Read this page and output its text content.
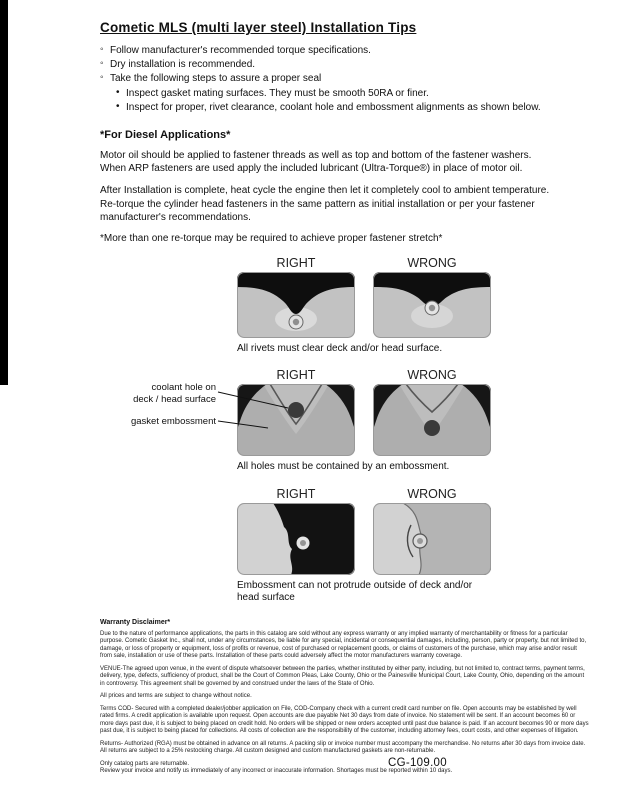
Cometic MLS (multi layer steel) Installation Tips
◦ Follow manufacturer's recommended torque specifications.
◦ Dry installation is recommended.
◦ Take the following steps to assure a proper seal
• Inspect gasket mating surfaces. They must be smooth 50RA or finer.
• Inspect for proper, rivet clearance, coolant hole and embossment alignments as shown below.
*For Diesel Applications*
Motor oil should be applied to fastener threads as well as top and bottom of the fastener washers. When ARP fasteners are used apply the included lubricant (Ultra-Torque®) in place of motor oil.
After Installation is complete, heat cycle the engine then let it completely cool to ambient temperature. Re-torque the cylinder head fasteners in the same pattern as initial installation or per your fastener manufacturer's recommendations.
*More than one re-torque may be required to achieve proper fastener stretch*
RIGHT	WRONG
All rivets must clear deck and/or head surface.
coolant hole on
deck / head surface
gasket embossment
RIGHT	WRONG
All holes must be contained by an embossment.
RIGHT	WRONG
Embossment can not protrude outside of deck and/or head surface
Warranty Disclaimer*
Due to the nature of performance applications, the parts in this catalog are sold without any express warranty or any implied warranty of merchantability or fitness for a particular purpose. Cometic Gasket Inc., shall not, under any circumstances, be liable for any special, incidental or consequential damages, including, person, party or property, but not limited to, damage, or loss of property or equipment, loss of profits or revenue, cost of purchased or replacement goods, or claims of customers of the purchase, which may arise and/or result from sale, installation or use of these parts. Installation of these parts could adversely affect the motor manufacturers warranty coverage.
VENUE-The agreed upon venue, in the event of dispute whatsoever between the parties, whether instituted by either party, including, but not limited to, contract terms, payment terms, delivery, type, defects, sufficiency of product, shall be the Court of Common Pleas, Lake County, Ohio or the Painesville Municipal Court, Lake County, Ohio, depending on the amount in controversy. This agreement shall be governed by and construed under the laws of the State of Ohio.
All prices and terms are subject to change without notice.
Terms COD- Secured with a completed dealer/jobber application on File, COD-Company check with a current credit card number on file. Open accounts may be established by well rated firms. A credit application is available upon request. Open accounts are due payable Net 30 days from date of invoice. No statement will be sent. If an account becomes 60 or more days past due, it is subject to being placed on credit hold. No orders will be shipped or new orders accepted until past due balance is paid. If an account becomes 90 or more days past due, it is subject to being placed for collections. All costs of collection are the responsibility of the customer, including attorney fees, court costs, and other expenses of litigation.
Returns- Authorized (RGA) must be obtained in advance on all returns. A packing slip or invoice number must accompany the merchandise. No returns after 30 days from invoice date. All returns are subject to a 25% restocking charge. All custom designed and custom manufactured gaskets are non-returnable.
Only catalog parts are returnable.
Review your invoice and notify us immediately of any incorrect or inaccurate information. Shortages must be reported within 10 days.
CG-109.00
